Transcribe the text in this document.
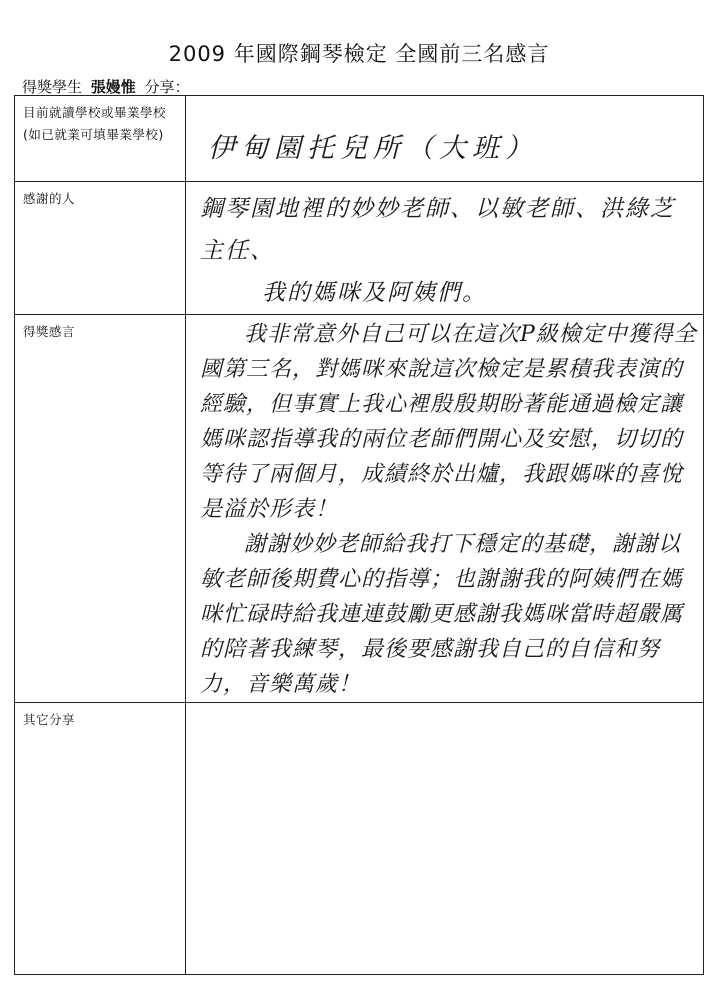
2009 年國際鋼琴檢定 全國前三名感言
得獎學生 張嫚惟 分享：
目前就讀學校或畢業學校(如已就業可填畢業學校)	伊甸園托兒所（大班）

感謝的人	鋼琴園地裡的妙妙老師、以敏老師、洪綠芝
主任、
我的媽咪及阿姨們。

得獎感言	我非常意外自己可以在這次P級檢定中獲得全國第三名，對媽咪來說這次檢定是累積我表演的經驗，但事實上我心裡殷殷期盼著能通過檢定讓媽咪認指導我的兩位老師們開心及安慰，切切的等待了兩個月，成績終於出爐，我跟媽咪的喜悅是溢於形表！

謝謝妙妙老師給我打下穩定的基礎，謝謝以敏老師後期費心的指導；也謝謝我的阿姨們在媽咪忙碌時給我連連鼓勵更感謝我媽咪當時超嚴厲的陪著我練琴，最後要感謝我自己的自信和努力，音樂萬歲！

其它分享	
